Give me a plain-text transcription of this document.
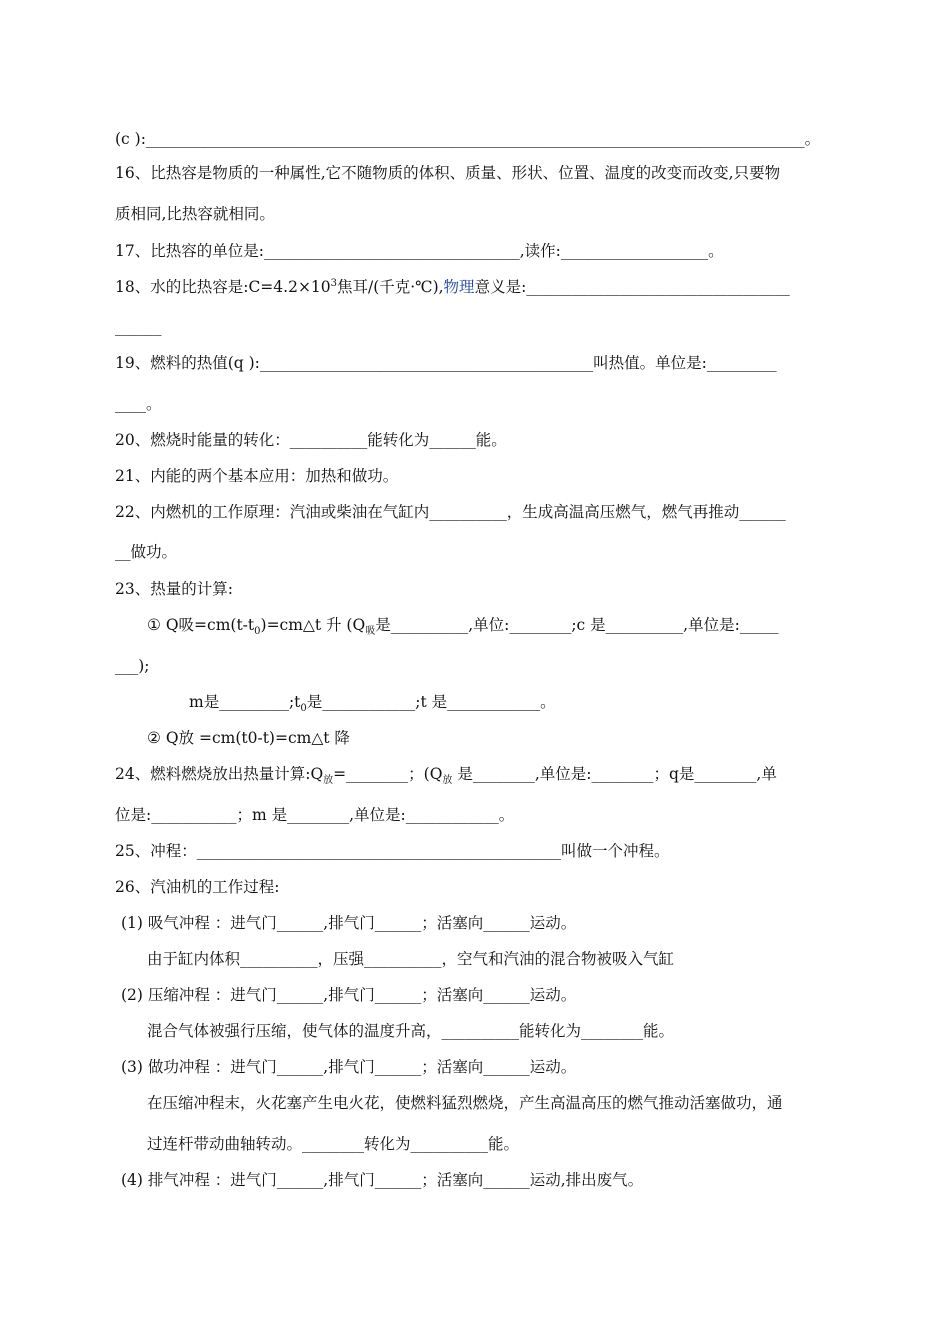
(c ):_____________________________________________________________________________________。
16、比热容是物质的一种属性,它不随物质的体积、质量、形状、位置、温度的改变而改变,只要物
质相同,比热容就相同。
17、比热容的单位是:_________________________________,读作:___________________。
18、水的比热容是$:C=4.2\times 10^3$焦耳/(千克·℃),物理意义是:__________________________________
______
19、燃料的热值(q ):___________________________________________叫热值。单位是:_________
____。
20、燃烧时能量的转化：__________能转化为______能。
21、内能的两个基本应用：加热和做功。
22、内燃机的工作原理：汽油或柴油在气缸内__________，生成高温高压燃气，燃气再推动______
__做功。
23、热量的计算:
① Q吸$=cm(t-t_0)=cm\triangle t$ 升 ($Q_吸$是__________,单位:________;c 是__________,单位是:_____
___);
m是$\_\_\_\_\_\_\_\_\_;t_0$是____________;t 是____________。
② Q放 =cm(t0-t)=cm△t 降
24、燃料燃烧放出热量计算$:Q_放=\_\_\_\_\_\_\_\_$；($Q_放$ 是________,单位是:________；q是________,单
位是:___________；m 是________,单位是:____________。
25、冲程：_______________________________________________叫做一个冲程。
26、汽油机的工作过程:
(1) 吸气冲程 ：进气门______,排气门______；活塞向______运动。
由于缸内体积__________，压强__________，空气和汽油的混合物被吸入气缸
(2) 压缩冲程 ：进气门______,排气门______；活塞向______运动。
混合气体被强行压缩，使气体的温度升高，__________能转化为________能。
(3) 做功冲程 ：进气门______,排气门______；活塞向______运动。
在压缩冲程末，火花塞产生电火花，使燃料猛烈燃烧，产生高温高压的燃气推动活塞做功，通
过连杆带动曲轴转动。________转化为__________能。
(4) 排气冲程 ：进气门______,排气门______；活塞向______运动,排出废气。
